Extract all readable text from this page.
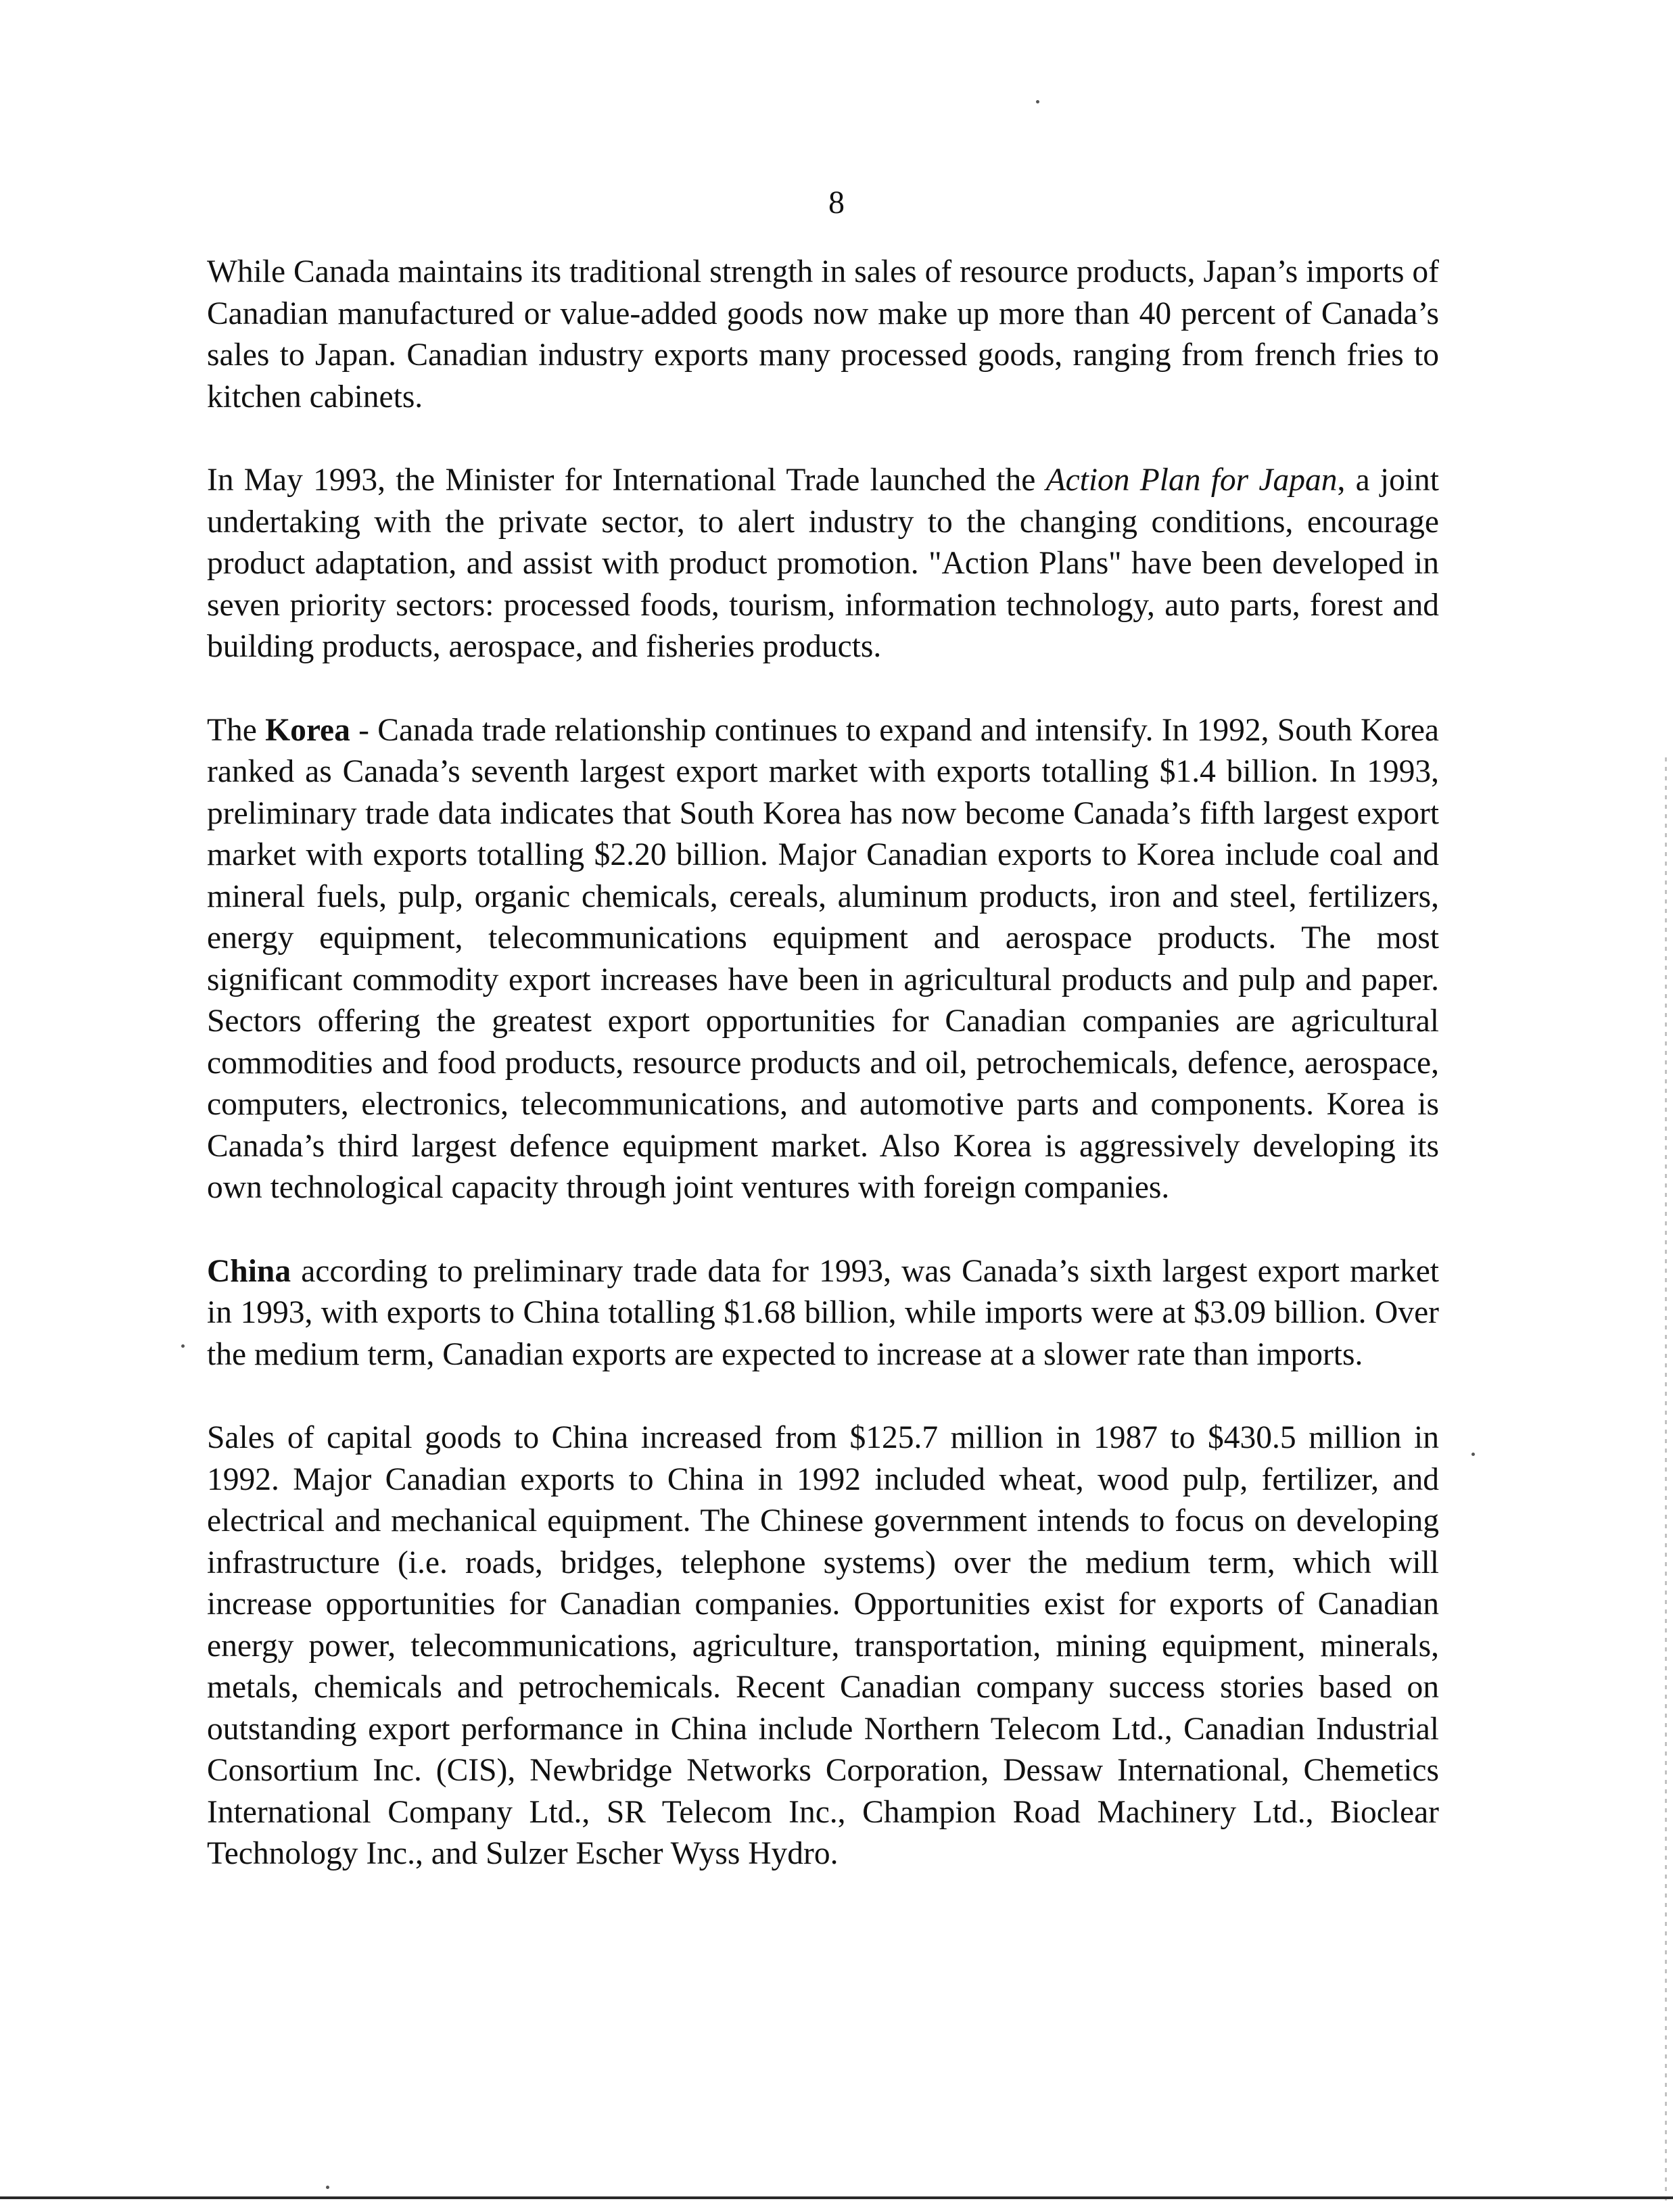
8

While Canada maintains its traditional strength in sales of resource products, Japan’s imports of Canadian manufactured or value-added goods now make up more than 40 percent of Canada’s sales to Japan. Canadian industry exports many processed goods, ranging from french fries to kitchen cabinets.

In May 1993, the Minister for International Trade launched the Action Plan for Japan, a joint undertaking with the private sector, to alert industry to the changing conditions, encourage product adaptation, and assist with product promotion. "Action Plans" have been developed in seven priority sectors: processed foods, tourism, information technology, auto parts, forest and building products, aerospace, and fisheries products.

The Korea - Canada trade relationship continues to expand and intensify. In 1992, South Korea ranked as Canada’s seventh largest export market with exports totalling $1.4 billion. In 1993, preliminary trade data indicates that South Korea has now become Canada’s fifth largest export market with exports totalling $2.20 billion. Major Canadian exports to Korea include coal and mineral fuels, pulp, organic chemicals, cereals, aluminum products, iron and steel, fertilizers, energy equipment, telecommunications equipment and aerospace products. The most significant commodity export increases have been in agricultural products and pulp and paper. Sectors offering the greatest export opportunities for Canadian companies are agricultural commodities and food products, resource products and oil, petrochemicals, defence, aerospace, computers, electronics, telecommunications, and automotive parts and components. Korea is Canada’s third largest defence equipment market. Also Korea is aggressively developing its own technological capacity through joint ventures with foreign companies.

China according to preliminary trade data for 1993, was Canada’s sixth largest export market in 1993, with exports to China totalling $1.68 billion, while imports were at $3.09 billion. Over the medium term, Canadian exports are expected to increase at a slower rate than imports.

Sales of capital goods to China increased from $125.7 million in 1987 to $430.5 million in 1992. Major Canadian exports to China in 1992 included wheat, wood pulp, fertilizer, and electrical and mechanical equipment. The Chinese government intends to focus on developing infrastructure (i.e. roads, bridges, telephone systems) over the medium term, which will increase opportunities for Canadian companies. Opportunities exist for exports of Canadian energy power, telecommunications, agriculture, transportation, mining equipment, minerals, metals, chemicals and petrochemicals. Recent Canadian company success stories based on outstanding export performance in China include Northern Telecom Ltd., Canadian Industrial Consortium Inc. (CIS), Newbridge Networks Corporation, Dessaw International, Chemetics International Company Ltd., SR Telecom Inc., Champion Road Machinery Ltd., Bioclear Technology Inc., and Sulzer Escher Wyss Hydro.
